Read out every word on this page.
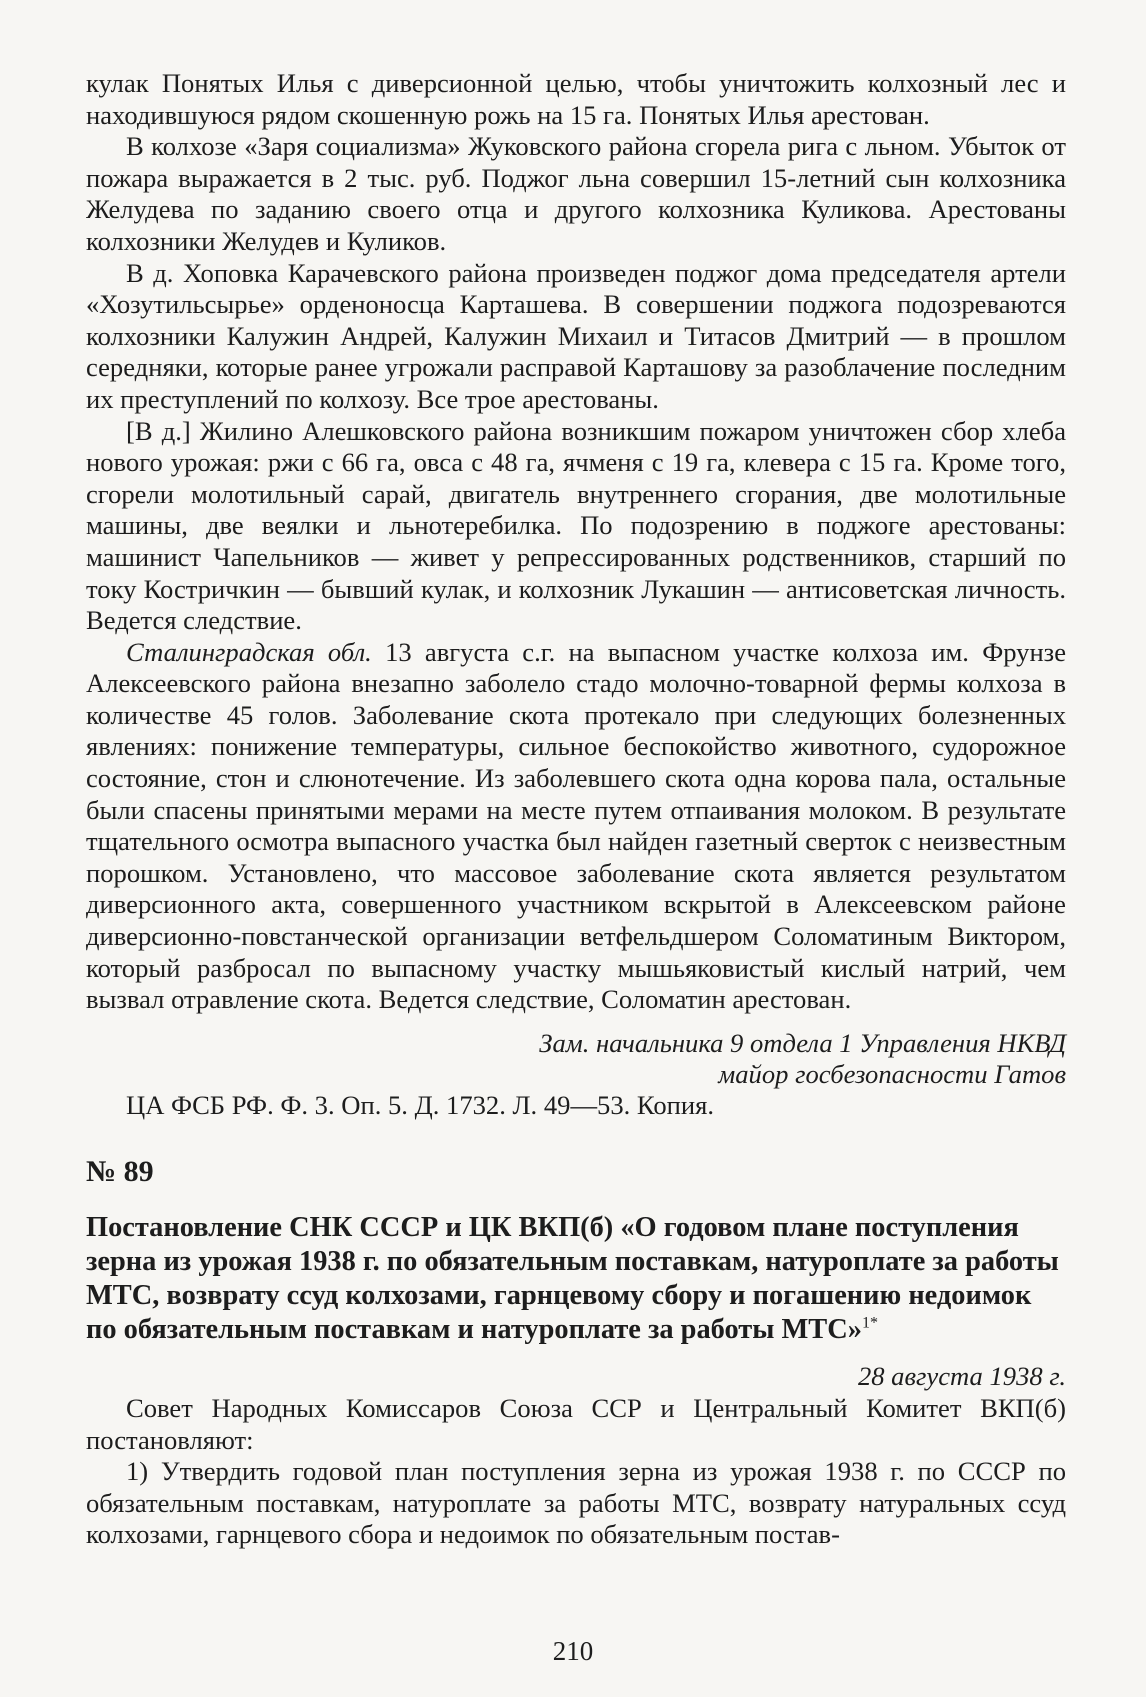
кулак Понятых Илья с диверсионной целью, чтобы уничтожить колхозный лес и находившуюся рядом скошенную рожь на 15 га. Понятых Илья арестован.

В колхозе «Заря социализма» Жуковского района сгорела рига с льном. Убыток от пожара выражается в 2 тыс. руб. Поджог льна совершил 15-летний сын колхозника Желудева по заданию своего отца и другого колхозника Куликова. Арестованы колхозники Желудев и Куликов.

В д. Хоповка Карачевского района произведен поджог дома председателя артели «Хозутильсырье» орденоносца Карташева. В совершении поджога подозреваются колхозники Калужин Андрей, Калужин Михаил и Титасов Дмитрий — в прошлом середняки, которые ранее угрожали расправой Карташову за разоблачение последним их преступлений по колхозу. Все трое арестованы.

[В д.] Жилино Алешковского района возникшим пожаром уничтожен сбор хлеба нового урожая: ржи с 66 га, овса с 48 га, ячменя с 19 га, клевера с 15 га. Кроме того, сгорели молотильный сарай, двигатель внутреннего сгорания, две молотильные машины, две веялки и льнотеребилка. По подозрению в поджоге арестованы: машинист Чапельников — живет у репрессированных родственников, старший по току Костричкин — бывший кулак, и колхозник Лукашин — антисоветская личность. Ведется следствие.

Сталинградская обл. 13 августа с.г. на выпасном участке колхоза им. Фрунзе Алексеевского района внезапно заболело стадо молочно-товарной фермы колхоза в количестве 45 голов. Заболевание скота протекало при следующих болезненных явлениях: понижение температуры, сильное беспокойство животного, судорожное состояние, стон и слюнотечение. Из заболевшего скота одна корова пала, остальные были спасены принятыми мерами на месте путем отпаивания молоком. В результате тщательного осмотра выпасного участка был найден газетный сверток с неизвестным порошком. Установлено, что массовое заболевание скота является результатом диверсионного акта, совершенного участником вскрытой в Алексеевском районе диверсионно-повстанческой организации ветфельдшером Соломатиным Виктором, который разбросал по выпасному участку мышьяковистый кислый натрий, чем вызвал отравление скота. Ведется следствие, Соломатин арестован.

Зам. начальника 9 отдела 1 Управления НКВД
майор госбезопасности Гатов

ЦА ФСБ РФ. Ф. 3. Оп. 5. Д. 1732. Л. 49—53. Копия.

№ 89
Постановление СНК СССР и ЦК ВКП(б) «О годовом плане поступления зерна из урожая 1938 г. по обязательным поставкам, натуроплате за работы МТС, возврату ссуд колхозами, гарнцевому сбору и погашению недоимок по обязательным поставкам и натуроплате за работы МТС»$^{1*}$
28 августа 1938 г.

Совет Народных Комиссаров Союза ССР и Центральный Комитет ВКП(б) постановляют:

1) Утвердить годовой план поступления зерна из урожая 1938 г. по СССР по обязательным поставкам, натуроплате за работы МТС, возврату натуральных ссуд колхозами, гарнцевого сбора и недоимок по обязательным постав-

210
